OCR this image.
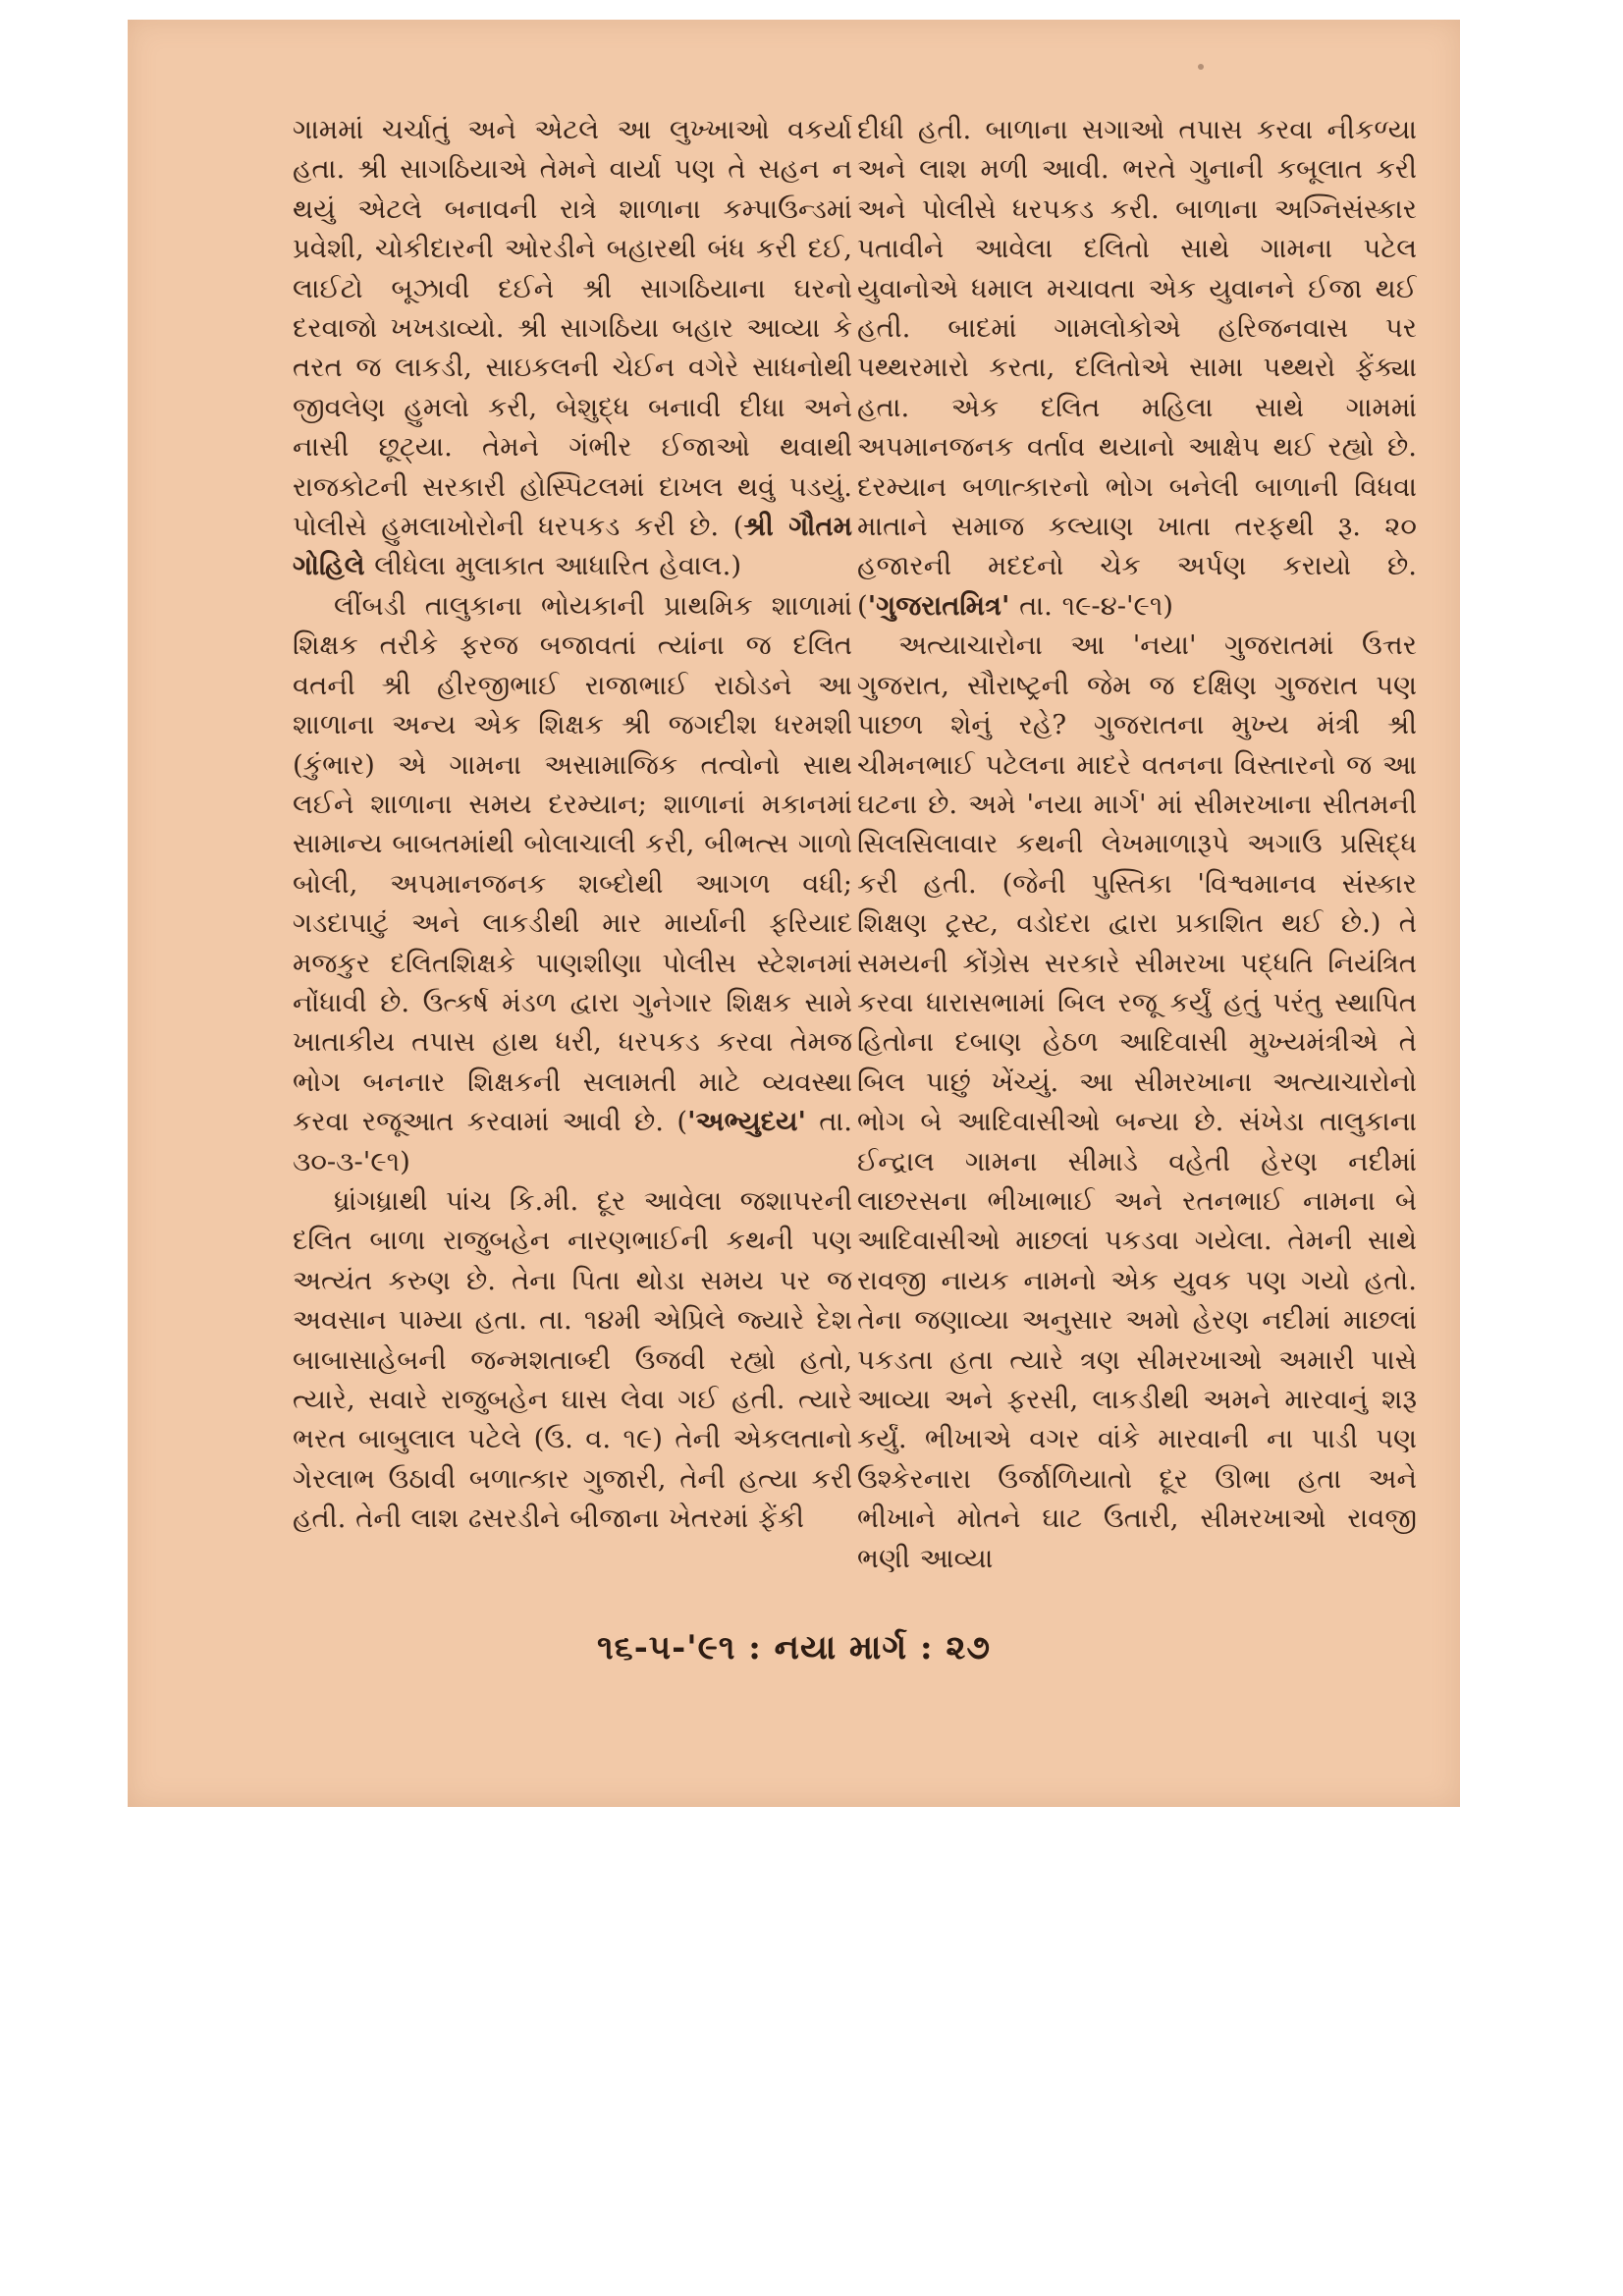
ગામમાં ચર્ચાતું અને એટલે આ લુખ્ખાઓ વકર્યા હતા. શ્રી સાગઠિયાએ તેમને વાર્યા પણ તે સહન ન થયું એટલે બનાવની રાત્રે શાળાના કમ્પાઉન્ડમાં પ્રવેશી, ચોકીદારની ઓરડીને બહારથી બંધ કરી દઈ, લાઈટો બૂઝાવી દઈને શ્રી સાગઠિયાના ઘરનો દરવાજો ખખડાવ્યો. શ્રી સાગઠિયા બહાર આવ્યા કે તરત જ લાકડી, સાઇકલની ચેઈન વગેરે સાધનોથી જીવલેણ હુમલો કરી, બેશુદ્ધ બનાવી દીધા અને નાસી છૂટ્યા. તેમને ગંભીર ઈજાઓ થવાથી રાજકોટની સરકારી હોસ્પિટલમાં દાખલ થવું પડયું. પોલીસે હુમલાખોરોની ધરપકડ કરી છે. (શ્રી ગૌતમ ગોહિલે લીધેલા મુલાકાત આધારિત હેવાલ.)

લીંબડી તાલુકાના ભોયકાની પ્રાથમિક શાળામાં શિક્ષક તરીકે ફરજ બજાવતાં ત્યાંના જ દલિત વતની શ્રી હીરજીભાઈ રાજાભાઈ રાઠોડને આ શાળાના અન્ય એક શિક્ષક શ્રી જગદીશ ધરમશી (કુંભાર) એ ગામના અસામાજિક તત્વોનો સાથ લઈને શાળાના સમય દરમ્યાન; શાળાનાં મકાનમાં સામાન્ય બાબતમાંથી બોલાચાલી કરી, બીભત્સ ગાળો બોલી, અપમાનજનક શબ્દોથી આગળ વધી; ગડદાપાટું અને લાકડીથી માર માર્યાની ફરિયાદ મજકુર દલિતશિક્ષકે પાણશીણા પોલીસ સ્ટેશનમાં નોંધાવી છે. ઉત્કર્ષ મંડળ દ્વારા ગુનેગાર શિક્ષક સામે ખાતાકીય તપાસ હાથ ધરી, ધરપકડ કરવા તેમજ ભોગ બનનાર શિક્ષકની સલામતી માટે વ્યવસ્થા કરવા રજૂઆત કરવામાં આવી છે. ('અભ્યુદય' તા. ૩૦-૩-'૯૧)

ધ્રાંગધ્રાથી પાંચ કિ.મી. દૂર આવેલા જશાપરની દલિત બાળા રાજુબહેન નારણભાઈની કથની પણ અત્યંત કરુણ છે. તેના પિતા થોડા સમય પર જ અવસાન પામ્યા હતા. તા. ૧૪મી એપ્રિલે જ્યારે દેશ બાબાસાહેબની જન્મશતાબ્દી ઉજવી રહ્યો હતો, ત્યારે, સવારે રાજુબહેન ઘાસ લેવા ગઈ હતી. ત્યારે ભરત બાબુલાલ પટેલે (ઉ. વ. ૧૯) તેની એકલતાનો ગેરલાભ ઉઠાવી બળાત્કાર ગુજારી, તેની હત્યા કરી હતી. તેની લાશ ઢસરડીને બીજાના ખેતરમાં ફેંકી

દીધી હતી. બાળાના સગાઓ તપાસ કરવા નીકળ્યા અને લાશ મળી આવી. ભરતે ગુનાની કબૂલાત કરી અને પોલીસે ધરપકડ કરી. બાળાના અગ્નિસંસ્કાર પતાવીને આવેલા દલિતો સાથે ગામના પટેલ યુવાનોએ ધમાલ મચાવતા એક યુવાનને ઈજા થઈ હતી. બાદમાં ગામલોકોએ હરિજનવાસ પર પથ્થરમારો કરતા, દલિતોએ સામા પથ્થરો ફેંક્યા હતા. એક દલિત મહિલા સાથે ગામમાં અપમાનજનક વર્તાવ થયાનો આક્ષેપ થઈ રહ્યો છે. દરમ્યાન બળાત્કારનો ભોગ બનેલી બાળાની વિધવા માતાને સમાજ કલ્યાણ ખાતા તરફથી રૂ. ૨૦ હજારની મદદનો ચેક અર્પણ કરાયો છે. ('ગુજરાતમિત્ર' તા. ૧૯-૪-'૯૧)

અત્યાચારોના આ 'નયા' ગુજરાતમાં ઉત્તર ગુજરાત, સૌરાષ્ટ્રની જેમ જ દક્ષિણ ગુજરાત પણ પાછળ શેનું રહે? ગુજરાતના મુખ્ય મંત્રી શ્રી ચીમનભાઈ પટેલના માદરે વતનના વિસ્તારનો જ આ ઘટના છે. અમે 'નયા માર્ગ' માં સીમરખાના સીતમની સિલસિલાવાર કથની લેખમાળારૂપે અગાઉ પ્રસિદ્ધ કરી હતી. (જેની પુસ્તિકા 'વિશ્વમાનવ સંસ્કાર શિક્ષણ ટ્રસ્ટ, વડોદરા દ્વારા પ્રકાશિત થઈ છે.) તે સમયની કોંગ્રેસ સરકારે સીમરખા પદ્ધતિ નિયંત્રિત કરવા ધારાસભામાં બિલ રજૂ કર્યું હતું પરંતુ સ્થાપિત હિતોના દબાણ હેઠળ આદિવાસી મુખ્યમંત્રીએ તે બિલ પાછું ખેંચ્યું. આ સીમરખાના અત્યાચારોનો ભોગ બે આદિવાસીઓ બન્યા છે. સંખેડા તાલુકાના ઈન્દ્રાલ ગામના સીમાડે વહેતી હેરણ નદીમાં લાછરસના ભીખાભાઈ અને રતનભાઈ નામના બે આદિવાસીઓ માછલાં પકડવા ગયેલા. તેમની સાથે રાવજી નાયક નામનો એક યુવક પણ ગયો હતો. તેના જણાવ્યા અનુસાર અમો હેરણ નદીમાં માછલાં પકડતા હતા ત્યારે ત્રણ સીમરખાઓ અમારી પાસે આવ્યા અને ફરસી, લાકડીથી અમને મારવાનું શરૂ કર્યું. ભીખાએ વગર વાંકે મારવાની ના પાડી પણ ઉશ્કેરનારા ઉર્જાળિયાતો દૂર ઊભા હતા અને ભીખાને મોતને ઘાટ ઉતારી, સીમરખાઓ રાવજી ભણી આવ્યા

૧૬-૫-'૯૧ : નયા માર્ગ : ૨૭
